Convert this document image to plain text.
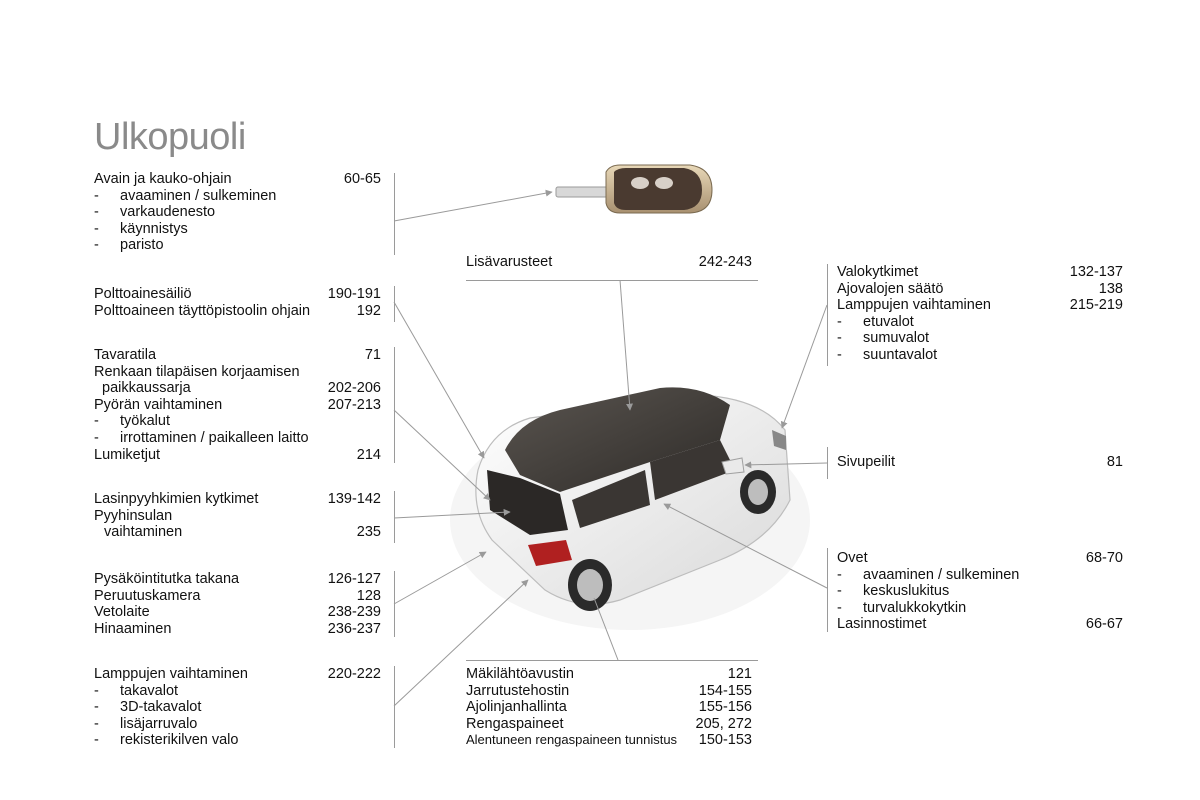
Ulkopuoli
Avain ja kauko-ohjain	60-65
-	avaaminen / sulkeminen
-	varkaudenesto
-	käynnistys
-	paristo
Polttoainesäiliö	190-191
Polttoaineen täyttöpistoolin ohjain	192
Tavaratila	71
Renkaan tilapäisen korjaamisen
paikkaussarja	202-206
Pyörän vaihtaminen	207-213
-	työkalut
-	irrottaminen / paikalleen laitto
Lumiketjut	214
Lasinpyyhkimien kytkimet	139-142
Pyyhinsulan
vaihtaminen	235
Pysäköintitutka takana	126-127
Peruutuskamera	128
Vetolaite	238-239
Hinaaminen	236-237
Lamppujen vaihtaminen	220-222
-	takavalot
-	3D-takavalot
-	lisäjarruvalo
-	rekisterikilven valo
Lisävarusteet	242-243
Mäkilähtöavustin	121
Jarrutustehostin	154-155
Ajolinjanhallinta	155-156
Rengaspaineet	205, 272
Alentuneen rengaspaineen tunnistus	150-153
Valokytkimet	132-137
Ajovalojen säätö	138
Lamppujen vaihtaminen	215-219
-	etuvalot
-	sumuvalot
-	suuntavalot
Sivupeilit	81
Ovet	68-70
-	avaaminen / sulkeminen
-	keskuslukitus
-	turvalukkokytkin
Lasinnostimet	66-67
